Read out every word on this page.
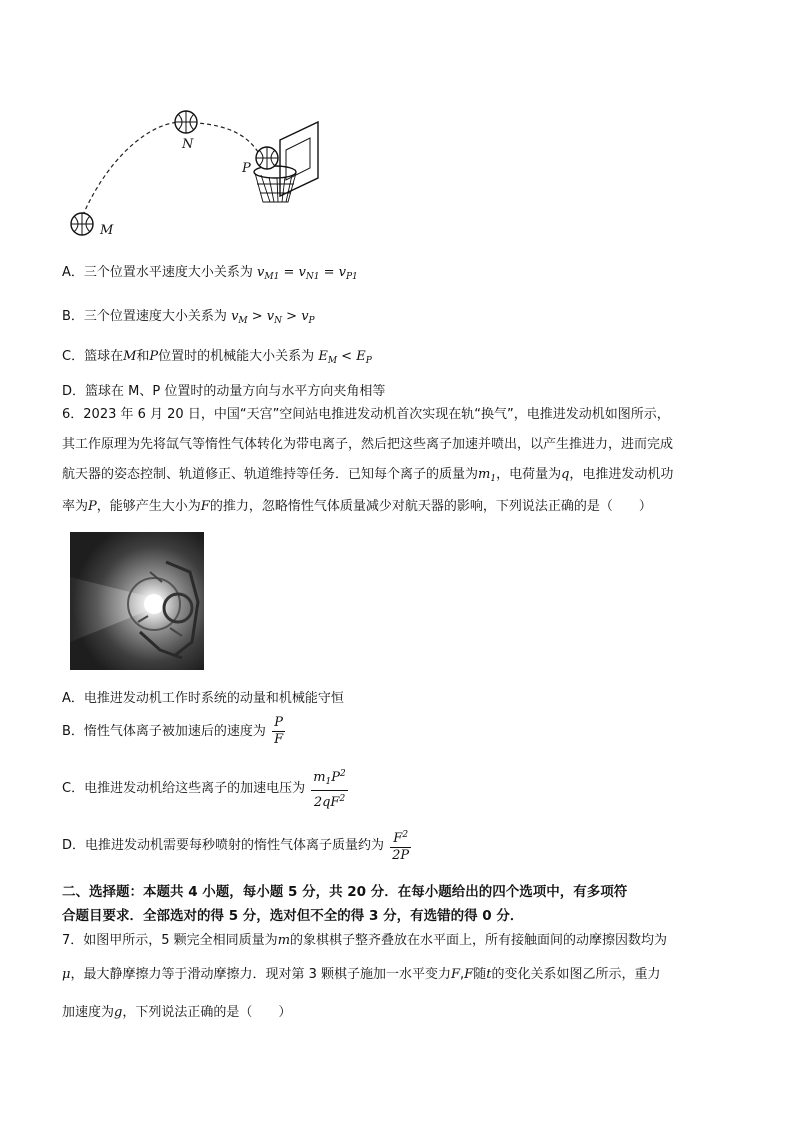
M
N
P
A．三个位置水平速度大小关系为 $v_{M1} = v_{N1} = v_{P1}$
B．三个位置速度大小关系为 $v_M > v_N > v_P$
C．篮球在M和P位置时的机械能大小关系为 $E_M < E_P$
D．篮球在 M、P 位置时的动量方向与水平方向夹角相等
6．2023 年 6 月 20 日，中国“天宫”空间站电推进发动机首次实现在轨“换气”，电推进发动机如图所示，
其工作原理为先将氙气等惰性气体转化为带电离子，然后把这些离子加速并喷出，以产生推进力，进而完成
航天器的姿态控制、轨道修正、轨道维持等任务．已知每个离子的质量为$m_1$，电荷量为q，电推进发动机功
率为P，能够产生大小为F的推力，忽略惰性气体质量减少对航天器的影响，下列说法正确的是（　　）
A．电推进发动机工作时系统的动量和机械能守恒
B．惰性气体离子被加速后的速度为 $\frac{P}{F}$
C．电推进发动机给这些离子的加速电压为 $\frac{m_1P^2}{2qF^2}$
D．电推进发动机需要每秒喷射的惰性气体离子质量约为 $\frac{F^2}{2P}$
二、选择题：本题共 4 小题，每小题 5 分，共 20 分．在每小题给出的四个选项中，有多项符
合题目要求．全部选对的得 5 分，选对但不全的得 3 分，有选错的得 0 分．
7．如图甲所示，5 颗完全相同质量为m的象棋棋子整齐叠放在水平面上，所有接触面间的动摩擦因数均为
μ，最大静摩擦力等于滑动摩擦力．现对第 3 颗棋子施加一水平变力F,F随t的变化关系如图乙所示，重力
加速度为g，下列说法正确的是（　　）
